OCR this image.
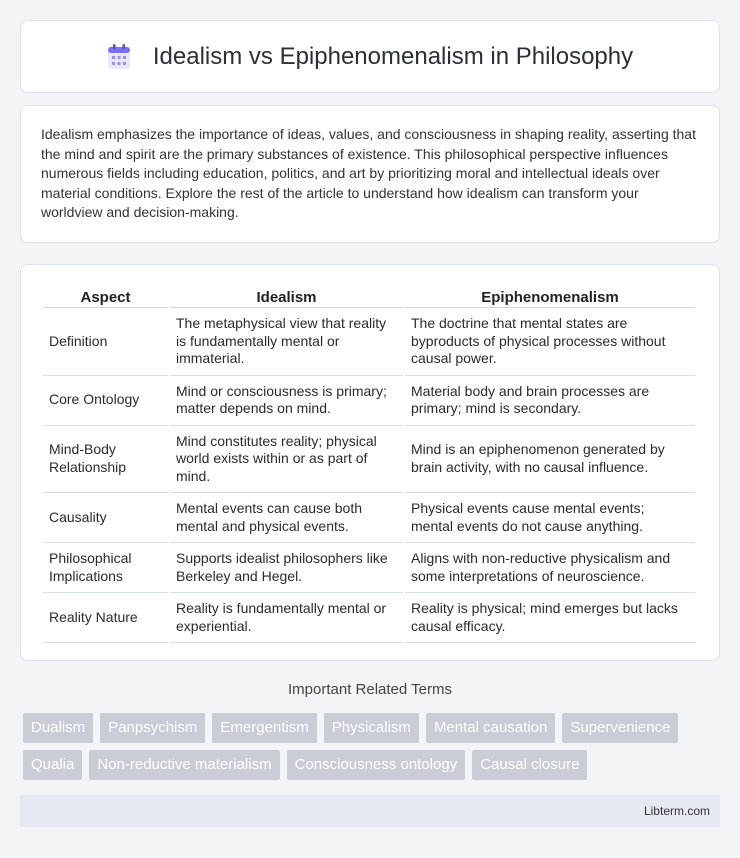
Idealism vs Epiphenomenalism in Philosophy
Idealism emphasizes the importance of ideas, values, and consciousness in shaping reality, asserting that the mind and spirit are the primary substances of existence. This philosophical perspective influences numerous fields including education, politics, and art by prioritizing moral and intellectual ideals over material conditions. Explore the rest of the article to understand how idealism can transform your worldview and decision-making.
Aspect	Idealism	Epiphenomenalism
Definition	The metaphysical view that reality is fundamentally mental or immaterial.	The doctrine that mental states are byproducts of physical processes without causal power.
Core Ontology	Mind or consciousness is primary; matter depends on mind.	Material body and brain processes are primary; mind is secondary.
Mind-Body Relationship	Mind constitutes reality; physical world exists within or as part of mind.	Mind is an epiphenomenon generated by brain activity, with no causal influence.
Causality	Mental events can cause both mental and physical events.	Physical events cause mental events; mental events do not cause anything.
Philosophical Implications	Supports idealist philosophers like Berkeley and Hegel.	Aligns with non-reductive physicalism and some interpretations of neuroscience.
Reality Nature	Reality is fundamentally mental or experiential.	Reality is physical; mind emerges but lacks causal efficacy.
Important Related Terms
Dualism	Panpsychism	Emergentism	Physicalism	Mental causation	Supervenience
Qualia	Non-reductive materialism	Consciousness ontology	Causal closure
Libterm.com
